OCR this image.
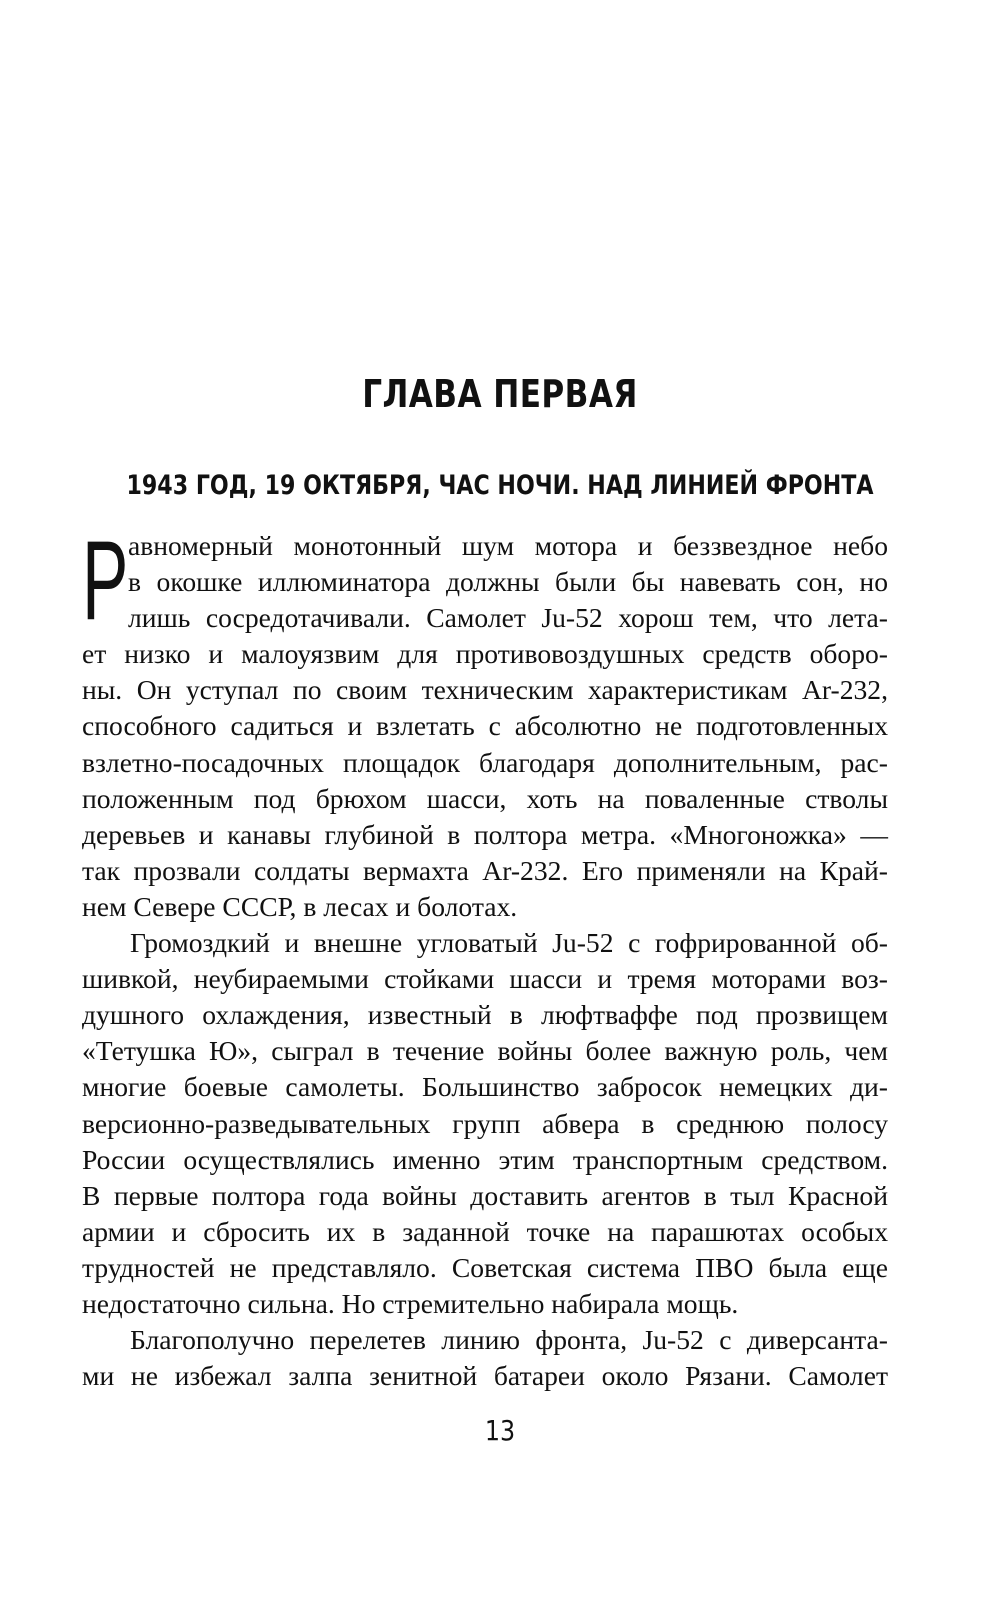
ГЛАВА ПЕРВАЯ
1943 ГОД, 19 ОКТЯБРЯ, ЧАС НОЧИ. НАД ЛИНИЕЙ ФРОНТА
Р авномерный монотонный шум мотора и беззвездное небо
в окошке иллюминатора должны были бы навевать сон, но
лишь сосредотачивали. Самолет Ju-52 хорош тем, что лета-
ет низко и малоуязвим для противовоздушных средств оборо-
ны. Он уступал по своим техническим характеристикам Ar-232,
способного садиться и взлетать с абсолютно не подготовленных
взлетно-посадочных площадок благодаря дополнительным, рас-
положенным под брюхом шасси, хоть на поваленные стволы
деревьев и канавы глубиной в полтора метра. «Многоножка» —
так прозвали солдаты вермахта Ar-232. Его применяли на Край-
нем Севере СССР, в лесах и болотах.
Громоздкий и внешне угловатый Ju-52 с гофрированной об-
шивкой, неубираемыми стойками шасси и тремя моторами воз-
душного охлаждения, известный в люфтваффе под прозвищем
«Тетушка Ю», сыграл в течение войны более важную роль, чем
многие боевые самолеты. Большинство забросок немецких ди-
версионно-разведывательных групп абвера в среднюю полосу
России осуществлялись именно этим транспортным средством.
В первые полтора года войны доставить агентов в тыл Красной
армии и сбросить их в заданной точке на парашютах особых
трудностей не представляло. Советская система ПВО была еще
недостаточно сильна. Но стремительно набирала мощь.
Благополучно перелетев линию фронта, Ju-52 с диверсанта-
ми не избежал залпа зенитной батареи около Рязани. Самолет
13
